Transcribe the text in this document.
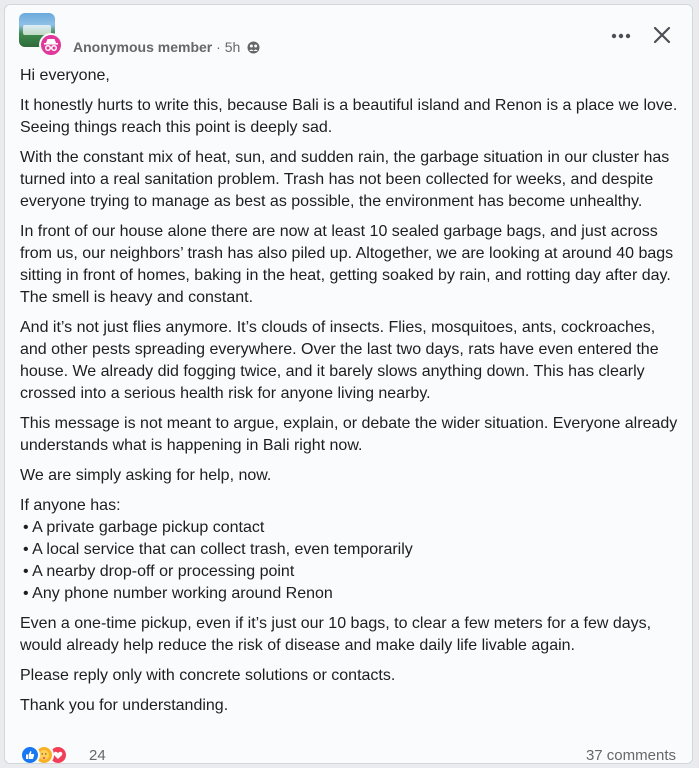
Anonymous member · 5h

Hi everyone,

It honestly hurts to write this, because Bali is a beautiful island and Renon is a place we love. Seeing things reach this point is deeply sad.

With the constant mix of heat, sun, and sudden rain, the garbage situation in our cluster has turned into a real sanitation problem. Trash has not been collected for weeks, and despite everyone trying to manage as best as possible, the environment has become unhealthy.

In front of our house alone there are now at least 10 sealed garbage bags, and just across from us, our neighbors’ trash has also piled up. Altogether, we are looking at around 40 bags sitting in front of homes, baking in the heat, getting soaked by rain, and rotting day after day. The smell is heavy and constant.

And it’s not just flies anymore. It’s clouds of insects. Flies, mosquitoes, ants, cockroaches, and other pests spreading everywhere. Over the last two days, rats have even entered the house. We already did fogging twice, and it barely slows anything down. This has clearly crossed into a serious health risk for anyone living nearby.

This message is not meant to argue, explain, or debate the wider situation. Everyone already understands what is happening in Bali right now.

We are simply asking for help, now.

If anyone has:
• A private garbage pickup contact
• A local service that can collect trash, even temporarily
• A nearby drop-off or processing point
• Any phone number working around Renon

Even a one-time pickup, even if it’s just our 10 bags, to clear a few meters for a few days, would already help reduce the risk of disease and make daily life livable again.

Please reply only with concrete solutions or contacts.

Thank you for understanding.

24	37 comments
